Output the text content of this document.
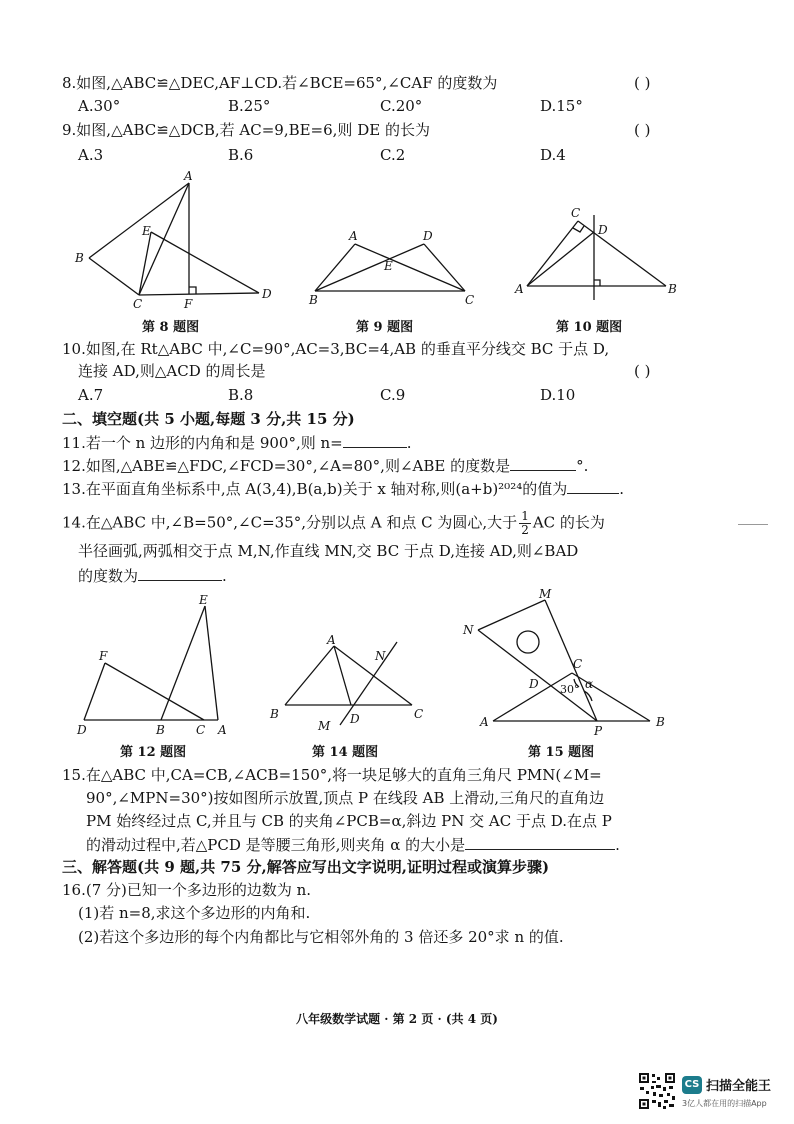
8.如图,△ABC≌△DEC,AF⊥CD.若∠BCE=65°,∠CAF 的度数为	( )
A.30°	B.25°	C.20°	D.15°
9.如图,△ABC≌△DCB,若 AC=9,BE=6,则 DE 的长为	( )
A.3	B.6	C.2	D.4
A
B
E
C	F
D
A	D
E
B	C
C
D
A	B
第 8 题图	第 9 题图	第 10 题图
10.如图,在 Rt△ABC 中,∠C=90°,AC=3,BC=4,AB 的垂直平分线交 BC 于点 D,
连接 AD,则△ACD 的周长是	( )
A.7	B.8	C.9	D.10
二、填空题(共 5 小题,每题 3 分,共 15 分)
11.若一个 n 边形的内角和是 900°,则 n=	.
12.如图,△ABE≌△FDC,∠FCD=30°,∠A=80°,则∠ABE 的度数是	°.
13.在平面直角坐标系中,点 A(3,4),B(a,b)关于 x 轴对称,则(a+b)²⁰²⁴的值为	.
14.在△ABC 中,∠B=50°,∠C=35°,分别以点 A 和点 C 为圆心,大于 $\frac{1}{2}$ AC 的长为
半径画弧,两弧相交于点 M,N,作直线 MN,交 BC 于点 D,连接 AD,则∠BAD
的度数为	.
E
F
D	B	C A
A
N
B
M D	C
M
N
C
D 30° α
A
P
B
第 12 题图	第 14 题图	第 15 题图
15.在△ABC 中,CA=CB,∠ACB=150°,将一块足够大的直角三角尺 PMN(∠M=
90°,∠MPN=30°)按如图所示放置,顶点 P 在线段 AB 上滑动,三角尺的直角边
PM 始终经过点 C,并且与 CB 的夹角∠PCB=α,斜边 PN 交 AC 于点 D.在点 P
的滑动过程中,若△PCD 是等腰三角形,则夹角 α 的大小是	.
三、解答题(共 9 题,共 75 分,解答应写出文字说明,证明过程或演算步骤)
16.(7 分)已知一个多边形的边数为 n.
(1)若 n=8,求这个多边形的内角和.
(2)若这个多边形的每个内角都比与它相邻外角的 3 倍还多 20°求 n 的值.
八年级数学试题 · 第 2 页 · (共 4 页)
CS 扫描全能王
3亿人都在用的扫描App
